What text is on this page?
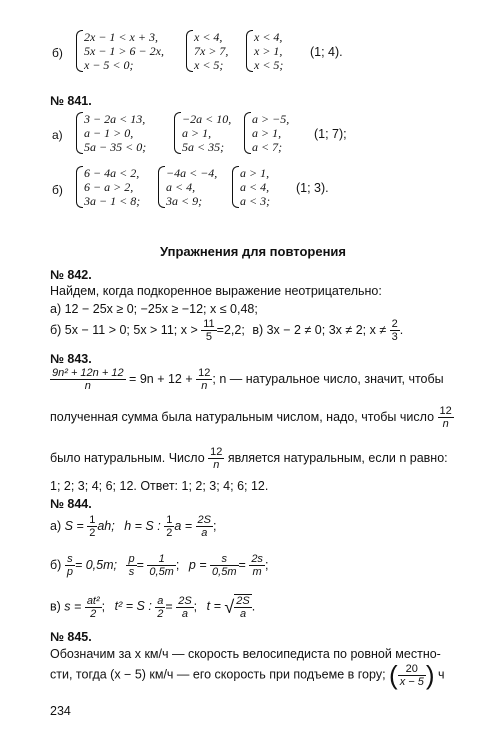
б)
2x − 1 < x + 3,
5x − 1 > 6 − 2x,
x − 5 < 0;
x < 4,
7x > 7,
x < 5;
x < 4,
x > 1,
x < 5;
(1; 4).
№ 841.
а)
3 − 2a < 13,
a − 1 > 0,
5a − 35 < 0;
−2a < 10,
a > 1,
5a < 35;
a > −5,
a > 1,
a < 7;
(1; 7);
б)
6 − 4a < 2,
6 − a > 2,
3a − 1 < 8;
−4a < −4,
a < 4,
3a < 9;
a > 1,
a < 4,
a < 3;
(1; 3).
Упражнения для повторения
№ 842.
Найдем, когда подкоренное выражение неотрицательно:
а) 12 − 25x ≥ 0; −25x ≥ −12; x ≤ 0,48;
б) 5x − 11 > 0; 5x > 11; $x > \frac{11}{5} =2,2$; в) 3x − 2 ≠ 0; 3x ≠ 2; $x \ne \frac{2}{3}$ .
№ 843.
$\frac{\text{9n² + 12n + 12}}{n} = 9n + 12 + \frac{12}{n}$ ; n — натуральное число, значит, чтобы
полученная сумма была натуральным числом, надо, чтобы число $\frac{12}{n}$
было натуральным. Число $\frac{12}{n}$ является натуральным, если n равно:
1; 2; 3; 4; 6; 12. Ответ: 1; 2; 3; 4; 6; 12.
№ 844.
а) $S = \frac{1}{2}$ ah; h = S : $\frac{1}{2}$ $a = \frac{2S}{a}$ ;
$б) \frac{s}{p} = 0,5m$; $\frac{p}{s} = \frac{1}{0,5m}$ ; $p = \frac{s}{0,5m} = \frac{2s}{m}$ ;
в) $s = \frac{\text{at²}}{2}$ ; t² = S : $\frac{a}{2} = \frac{2S}{a}$ ; t = √ $\frac{2S}{a}$ .
№ 845.
Обозначим за x км/ч — скорость велосипедиста по ровной местно-
сти, тогда (x − 5) км/ч — его скорость при подъеме в гору; ( $\frac{20}{x - 5}$ ) ч
234
